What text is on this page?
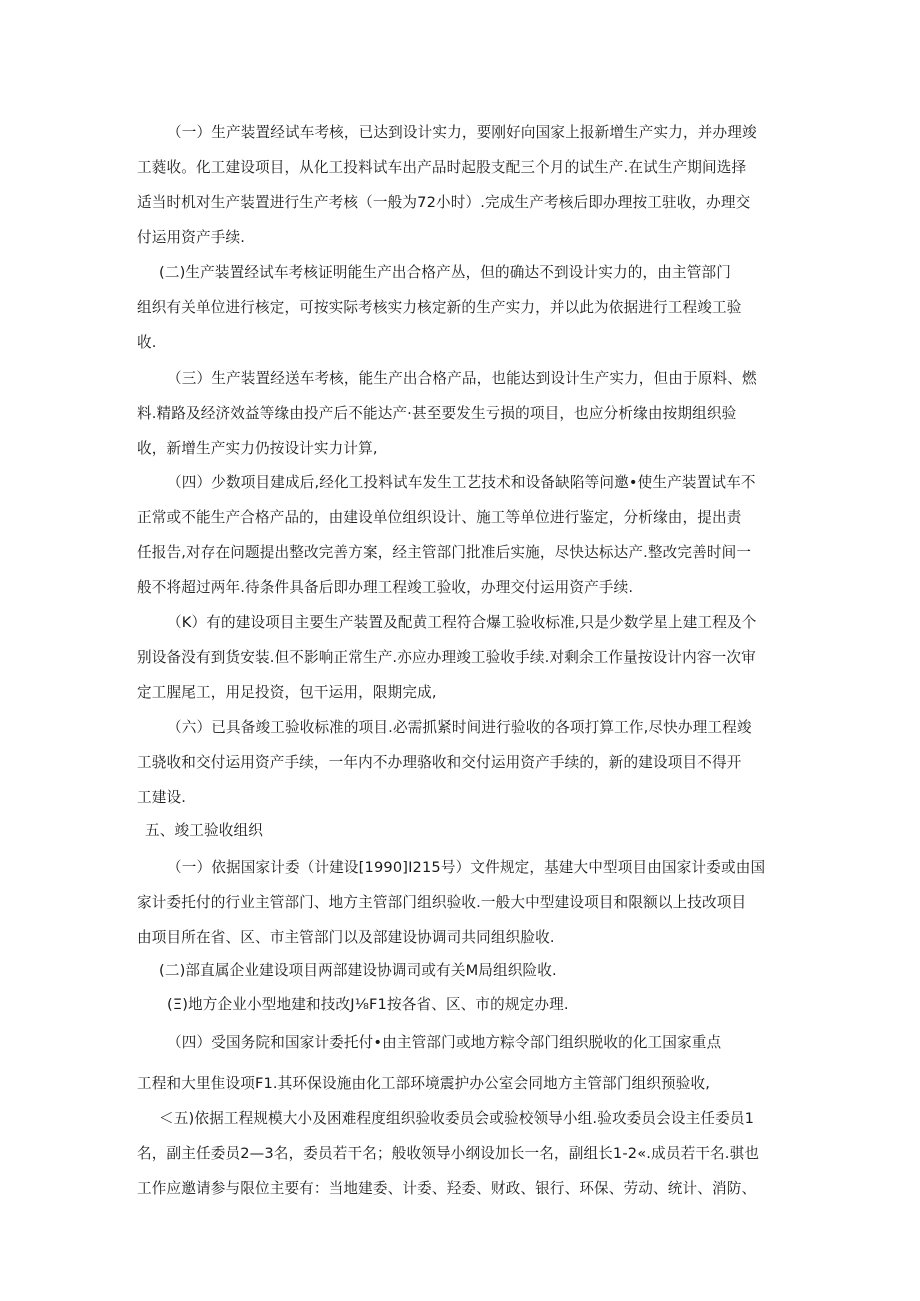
（一）生产装置经试车考核，已达到设计实力，要刚好向国家上报新增生产实力，并办理竣
工蕤收。化工建设项目，从化工投料试车出产品时起股支配三个月的试生产.在试生产期间选择
适当时机对生产装置进行生产考核（一般为72小时）.完成生产考核后即办理按工驻收，办理交
付运用资产手续.
(二)生产装置经试车考核证明能生产出合格产丛，但的确达不到设计实力的，由主管部门
组织有关单位进行核定，可按实际考核实力核定新的生产实力，并以此为依据进行工程竣工验
收.
（三）生产装置经送车考核，能生产出合格产品，也能达到设计生产实力，但由于原料、燃
料.精路及经济效益等缘由投产后不能达产·甚至要发生亏损的项目，也应分析缘由按期组织验
收，新增生产实力仍按设计实力计算,
（四）少数项目建成后,经化工投料试车发生工艺技术和设备缺陷等问邀•使生产装置试车不
正常或不能生产合格产品的，由建设单位组织设计、施工等单位进行鉴定，分析缘由，提出责
任报告,对存在问题提出整改完善方案，经主管部门批准后实施，尽快达标达产.整改完善时间一
般不将超过两年.待条件具备后即办理工程竣工验收，办理交付运用资产手续.
（K）有的建设项目主要生产装置及配黄工程符合爆工验收标准,只是少数学星上建工程及个
别设备没有到货安装.但不影响正常生产.亦应办理竣工验收手续.对剩余工作量按设计内容一次审
定工腥尾工，用足投资，包干运用，限期完成,
（六）已具备竣工验收标准的项目.必需抓紧时间进行验收的各项打算工作,尽快办理工程竣
工骁收和交付运用资产手续，一年内不办理骆收和交付运用资产手续的，新的建设项目不得开
工建设.
五、竣工验收组织
（一）依据国家计委（计建设[1990]I215号）文件规定，基建大中型项目由国家计委或由国
家计委托付的行业主管部门、地方主管部门组织验收.一般大中型建设项目和限额以上技改项目
由项目所在省、区、市主管部门以及部建设协调司共同组织脸收.
(二)部直属企业建设项目两部建设协调司或有关M局组织险收.
(Ξ)地方企业小型地建和技改J⅛F1按各省、区、市的规定办理.
（四）受国务院和国家计委托付•由主管部门或地方粽令部门组织脱收的化工国家重点
工程和大里隹设项F1.其环保设施由化工部环境震护办公室会同地方主管部门组织预验收,
＜五)依据工程规模大小及困难程度组织验收委员会或验校领导小组.验攻委员会设主任委员1
名，副主任委员2—3名，委员若干名；般收领导小纲设加长一名，副组长1-2«.成员若干名.骐也
工作应邀请参与限位主要有：当地建委、计委、羟委、财政、银行、环保、劳动、统计、消防、
